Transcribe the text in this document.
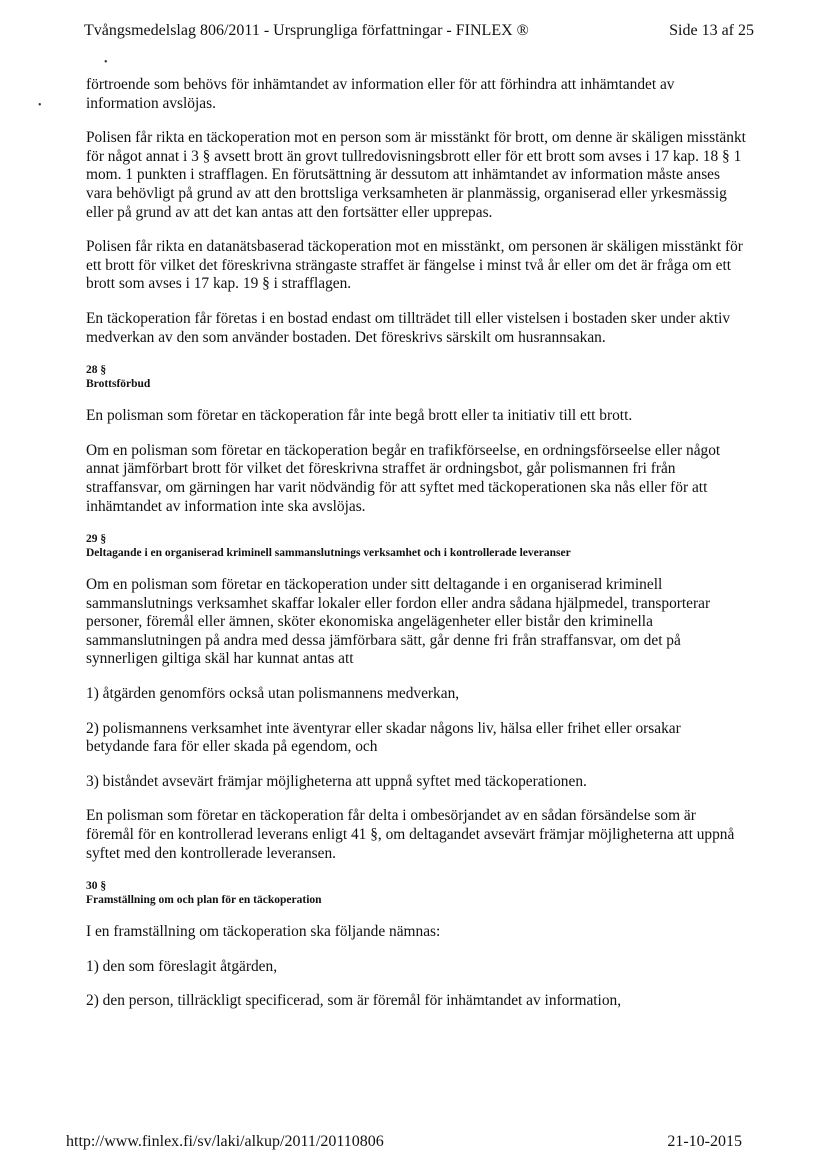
Tvångsmedelslag 806/2011 - Ursprungliga författningar - FINLEX ®	Side 13 af 25
•
•

förtroende som behövs för inhämtandet av information eller för att förhindra att inhämtandet av information avslöjas.

Polisen får rikta en täckoperation mot en person som är misstänkt för brott, om denne är skäligen misstänkt för något annat i 3 § avsett brott än grovt tullredovisningsbrott eller för ett brott som avses i 17 kap. 18 § 1 mom. 1 punkten i strafflagen. En förutsättning är dessutom att inhämtandet av information måste anses vara behövligt på grund av att den brottsliga verksamheten är planmässig, organiserad eller yrkesmässig eller på grund av att det kan antas att den fortsätter eller upprepas.

Polisen får rikta en datanätsbaserad täckoperation mot en misstänkt, om personen är skäligen misstänkt för ett brott för vilket det föreskrivna strängaste straffet är fängelse i minst två år eller om det är fråga om ett brott som avses i 17 kap. 19 § i strafflagen.

En täckoperation får företas i en bostad endast om tillträdet till eller vistelsen i bostaden sker under aktiv medverkan av den som använder bostaden. Det föreskrivs särskilt om husrannsakan.

28 §
Brottsförbud

En polisman som företar en täckoperation får inte begå brott eller ta initiativ till ett brott.

Om en polisman som företar en täckoperation begår en trafikförseelse, en ordningsförseelse eller något annat jämförbart brott för vilket det föreskrivna straffet är ordningsbot, går polismannen fri från straffansvar, om gärningen har varit nödvändig för att syftet med täckoperationen ska nås eller för att inhämtandet av information inte ska avslöjas.

29 §
Deltagande i en organiserad kriminell sammanslutnings verksamhet och i kontrollerade leveranser

Om en polisman som företar en täckoperation under sitt deltagande i en organiserad kriminell sammanslutnings verksamhet skaffar lokaler eller fordon eller andra sådana hjälpmedel, transporterar personer, föremål eller ämnen, sköter ekonomiska angelägenheter eller bistår den kriminella sammanslutningen på andra med dessa jämförbara sätt, går denne fri från straffansvar, om det på synnerligen giltiga skäl har kunnat antas att

1) åtgärden genomförs också utan polismannens medverkan,

2) polismannens verksamhet inte äventyrar eller skadar någons liv, hälsa eller frihet eller orsakar betydande fara för eller skada på egendom, och

3) biståndet avsevärt främjar möjligheterna att uppnå syftet med täckoperationen.

En polisman som företar en täckoperation får delta i ombesörjandet av en sådan försändelse som är föremål för en kontrollerad leverans enligt 41 §, om deltagandet avsevärt främjar möjligheterna att uppnå syftet med den kontrollerade leveransen.

30 §
Framställning om och plan för en täckoperation

I en framställning om täckoperation ska följande nämnas:

1) den som föreslagit åtgärden,

2) den person, tillräckligt specificerad, som är föremål för inhämtandet av information,

http://www.finlex.fi/sv/laki/alkup/2011/20110806	21-10-2015
